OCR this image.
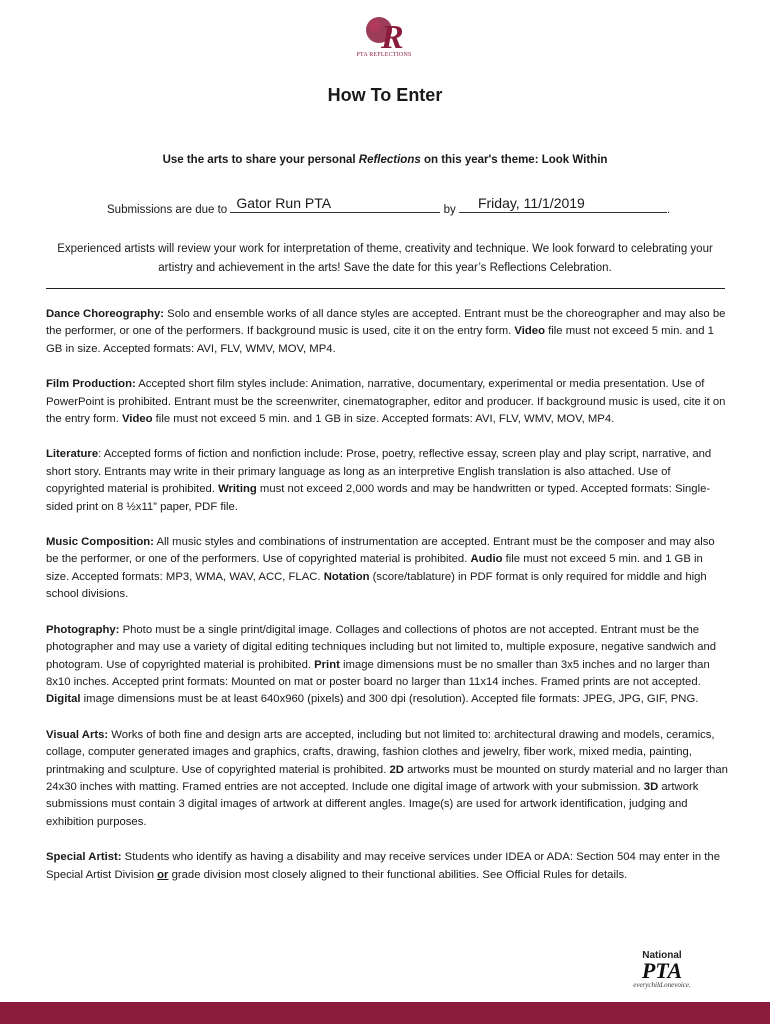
R
PTA REFLECTIONS
How To Enter
Use the arts to share your personal Reflections on this year's theme: Look Within
Submissions are due to Gator Run PTA	by Friday, 11/1/2019	.
Experienced artists will review your work for interpretation of theme, creativity and technique. We look forward to celebrating your artistry and achievement in the arts! Save the date for this year’s Reflections Celebration.

Dance Choreography: Solo and ensemble works of all dance styles are accepted. Entrant must be the choreographer and may also be the performer, or one of the performers. If background music is used, cite it on the entry form. Video file must not exceed 5 min. and 1 GB in size. Accepted formats: AVI, FLV, WMV, MOV, MP4.

Film Production: Accepted short film styles include: Animation, narrative, documentary, experimental or media presentation. Use of PowerPoint is prohibited. Entrant must be the screenwriter, cinematographer, editor and producer. If background music is used, cite it on the entry form. Video file must not exceed 5 min. and 1 GB in size. Accepted formats: AVI, FLV, WMV, MOV, MP4.

Literature: Accepted forms of fiction and nonfiction include: Prose, poetry, reflective essay, screen play and play script, narrative, and short story. Entrants may write in their primary language as long as an interpretive English translation is also attached. Use of copyrighted material is prohibited. Writing must not exceed 2,000 words and may be handwritten or typed. Accepted formats: Single-sided print on 8 ½x11” paper, PDF file.

Music Composition: All music styles and combinations of instrumentation are accepted. Entrant must be the composer and may also be the performer, or one of the performers. Use of copyrighted material is prohibited. Audio file must not exceed 5 min. and 1 GB in size. Accepted formats: MP3, WMA, WAV, ACC, FLAC. Notation (score/tablature) in PDF format is only required for middle and high school divisions.

Photography: Photo must be a single print/digital image. Collages and collections of photos are not accepted. Entrant must be the photographer and may use a variety of digital editing techniques including but not limited to, multiple exposure, negative sandwich and photogram. Use of copyrighted material is prohibited. Print image dimensions must be no smaller than 3x5 inches and no larger than 8x10 inches. Accepted print formats: Mounted on mat or poster board no larger than 11x14 inches. Framed prints are not accepted. Digital image dimensions must be at least 640x960 (pixels) and 300 dpi (resolution). Accepted file formats: JPEG, JPG, GIF, PNG.

Visual Arts: Works of both fine and design arts are accepted, including but not limited to: architectural drawing and models, ceramics, collage, computer generated images and graphics, crafts, drawing, fashion clothes and jewelry, fiber work, mixed media, painting, printmaking and sculpture. Use of copyrighted material is prohibited. 2D artworks must be mounted on sturdy material and no larger than 24x30 inches with matting. Framed entries are not accepted. Include one digital image of artwork with your submission. 3D artwork submissions must contain 3 digital images of artwork at different angles. Image(s) are used for artwork identification, judging and exhibition purposes.

Special Artist: Students who identify as having a disability and may receive services under IDEA or ADA: Section 504 may enter in the Special Artist Division or grade division most closely aligned to their functional abilities. See Official Rules for details.

National
PTA
everychild.onevoice.
